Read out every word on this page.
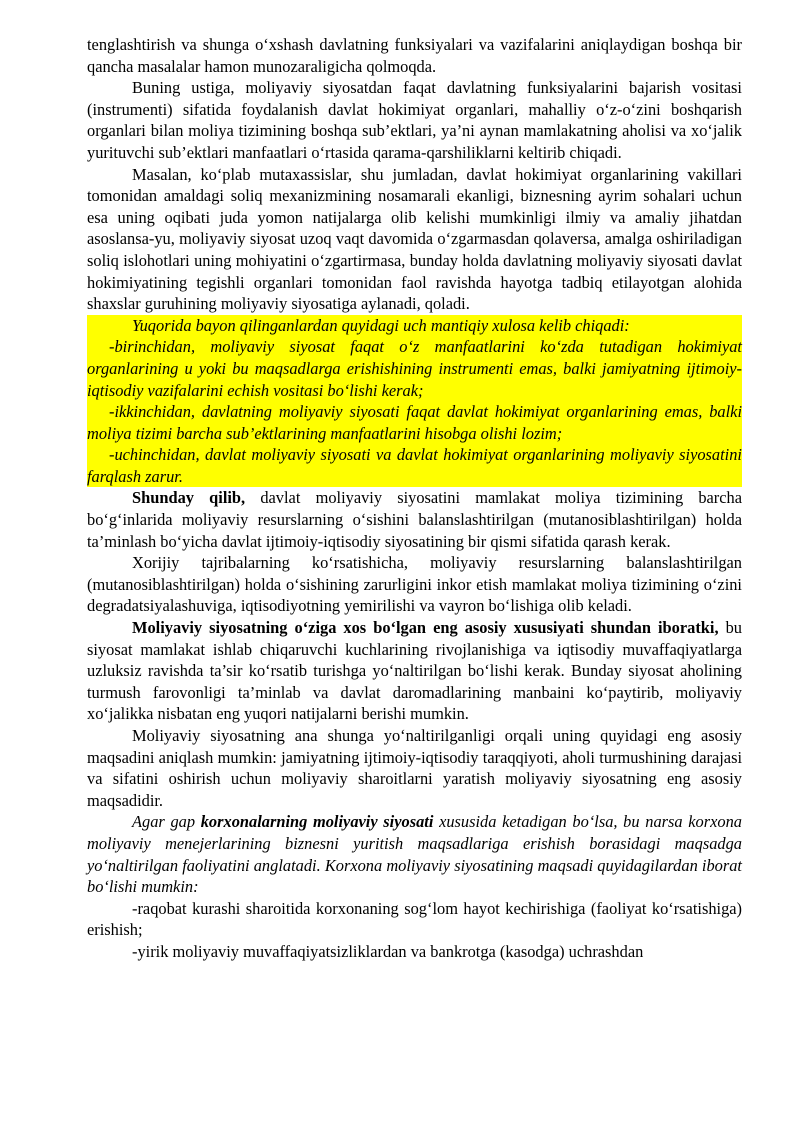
tenglashtirish va shunga o‘xshash davlatning funksiyalari va vazifalarini aniqlaydigan boshqa bir qancha masalalar hamon munozaraligicha qolmoqda.

Buning ustiga, moliyaviy siyosatdan faqat davlatning funksiyalarini bajarish vositasi (instrumenti) sifatida foydalanish davlat hokimiyat organlari, mahalliy o‘z-o‘zini boshqarish organlari bilan moliya tizimining boshqa sub’ektlari, ya’ni aynan mamlakatning aholisi va xo‘jalik yurituvchi sub’ektlari manfaatlari o‘rtasida qarama-qarshiliklarni keltirib chiqadi.

Masalan, ko‘plab mutaxassislar, shu jumladan, davlat hokimiyat organlarining vakillari tomonidan amaldagi soliq mexanizmining nosamarali ekanligi, biznesning ayrim sohalari uchun esa uning oqibati juda yomon natijalarga olib kelishi mumkinligi ilmiy va amaliy jihatdan asoslansa-yu, moliyaviy siyosat uzoq vaqt davomida o‘zgarmasdan qolaversa, amalga oshiriladigan soliq islohotlari uning mohiyatini o‘zgartirmasa, bunday holda davlatning moliyaviy siyosati davlat hokimiyatining tegishli organlari tomonidan faol ravishda hayotga tadbiq etilayotgan alohida shaxslar guruhining moliyaviy siyosatiga aylanadi, qoladi.

Yuqorida bayon qilinganlardan quyidagi uch mantiqiy xulosa kelib chiqadi:

-birinchidan, moliyaviy siyosat faqat o‘z manfaatlarini ko‘zda tutadigan hokimiyat organlarining u yoki bu maqsadlarga erishishining instrumenti emas, balki jamiyatning ijtimoiy-iqtisodiy vazifalarini echish vositasi bo‘lishi kerak;

-ikkinchidan, davlatning moliyaviy siyosati faqat davlat hokimiyat organlarining emas, balki moliya tizimi barcha sub’ektlarining manfaatlarini hisobga olishi lozim;

-uchinchidan, davlat moliyaviy siyosati va davlat hokimiyat organlarining moliyaviy siyosatini farqlash zarur.

Shunday qilib, davlat moliyaviy siyosatini mamlakat moliya tizimining barcha bo‘g‘inlarida moliyaviy resurslarning o‘sishini balanslashtirilgan (mutanosiblashtirilgan) holda ta’minlash bo‘yicha davlat ijtimoiy-iqtisodiy siyosatining bir qismi sifatida qarash kerak.

Xorijiy tajribalarning ko‘rsatishicha, moliyaviy resurslarning balanslashtirilgan (mutanosiblashtirilgan) holda o‘sishining zarurligini inkor etish mamlakat moliya tizimining o‘zini degradatsiyalashuviga, iqtisodiyotning yemirilishi va vayron bo‘lishiga olib keladi.

Moliyaviy siyosatning o‘ziga xos bo‘lgan eng asosiy xususiyati shundan iboratki, bu siyosat mamlakat ishlab chiqaruvchi kuchlarining rivojlanishiga va iqtisodiy muvaffaqiyatlarga uzluksiz ravishda ta’sir ko‘rsatib turishga yo‘naltirilgan bo‘lishi kerak. Bunday siyosat aholining turmush farovonligi ta’minlab va davlat daromadlarining manbaini ko‘paytirib, moliyaviy xo‘jalikka nisbatan eng yuqori natijalarni berishi mumkin.

Moliyaviy siyosatning ana shunga yo‘naltirilganligi orqali uning quyidagi eng asosiy maqsadini aniqlash mumkin: jamiyatning ijtimoiy-iqtisodiy taraqqiyoti, aholi turmushining darajasi va sifatini oshirish uchun moliyaviy sharoitlarni yaratish moliyaviy siyosatning eng asosiy maqsadidir.

Agar gap korxonalarning moliyaviy siyosati xususida ketadigan bo‘lsa, bu narsa korxona moliyaviy menejerlarining biznesni yuritish maqsadlariga erishish borasidagi maqsadga yo‘naltirilgan faoliyatini anglatadi. Korxona moliyaviy siyosatining maqsadi quyidagilardan iborat bo‘lishi mumkin:

-raqobat kurashi sharoitida korxonaning sog‘lom hayot kechirishiga (faoliyat ko‘rsatishiga) erishish;

-yirik moliyaviy muvaffaqiyatsizliklardan va bankrotga (kasodga) uchrashdan
